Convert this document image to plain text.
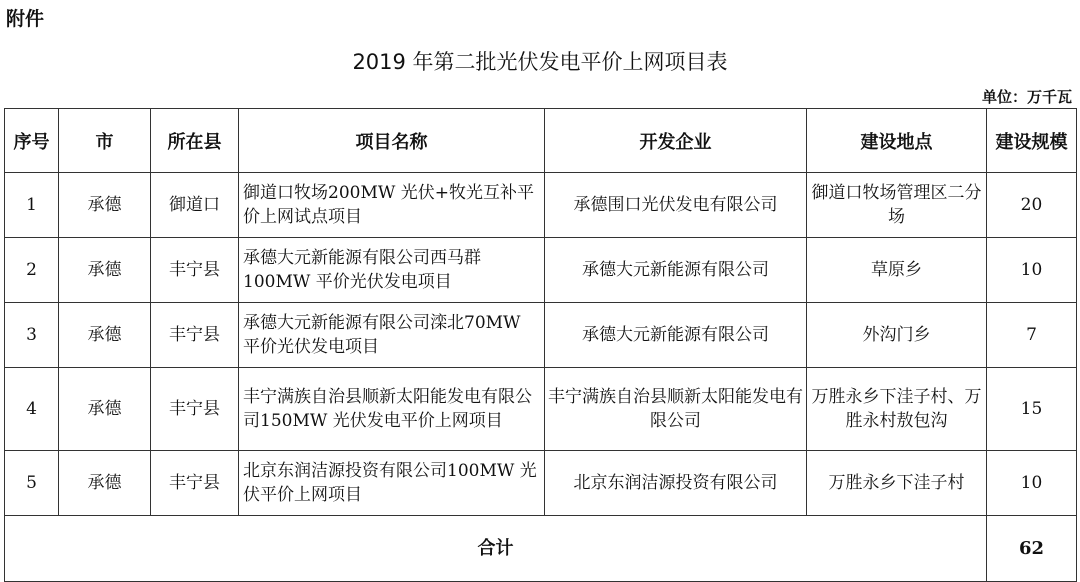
附件
2019 年第二批光伏发电平价上网项目表
单位：万千瓦
序号	市	所在县	项目名称	开发企业	建设地点	建设规模
1	承德	御道口	御道口牧场200MW 光伏+牧光互补平价上网试点项目	承德围口光伏发电有限公司	御道口牧场管理区二分场	20
2	承德	丰宁县	承德大元新能源有限公司西马群100MW 平价光伏发电项目	承德大元新能源有限公司	草原乡	10
3	承德	丰宁县	承德大元新能源有限公司滦北70MW 平价光伏发电项目	承德大元新能源有限公司	外沟门乡	7
4	承德	丰宁县	丰宁满族自治县顺新太阳能发电有限公司150MW 光伏发电平价上网项目	丰宁满族自治县顺新太阳能发电有限公司	万胜永乡下洼子村、万胜永村敖包沟	15
5	承德	丰宁县	北京东润洁源投资有限公司100MW 光伏平价上网项目	北京东润洁源投资有限公司	万胜永乡下洼子村	10
合计						62
